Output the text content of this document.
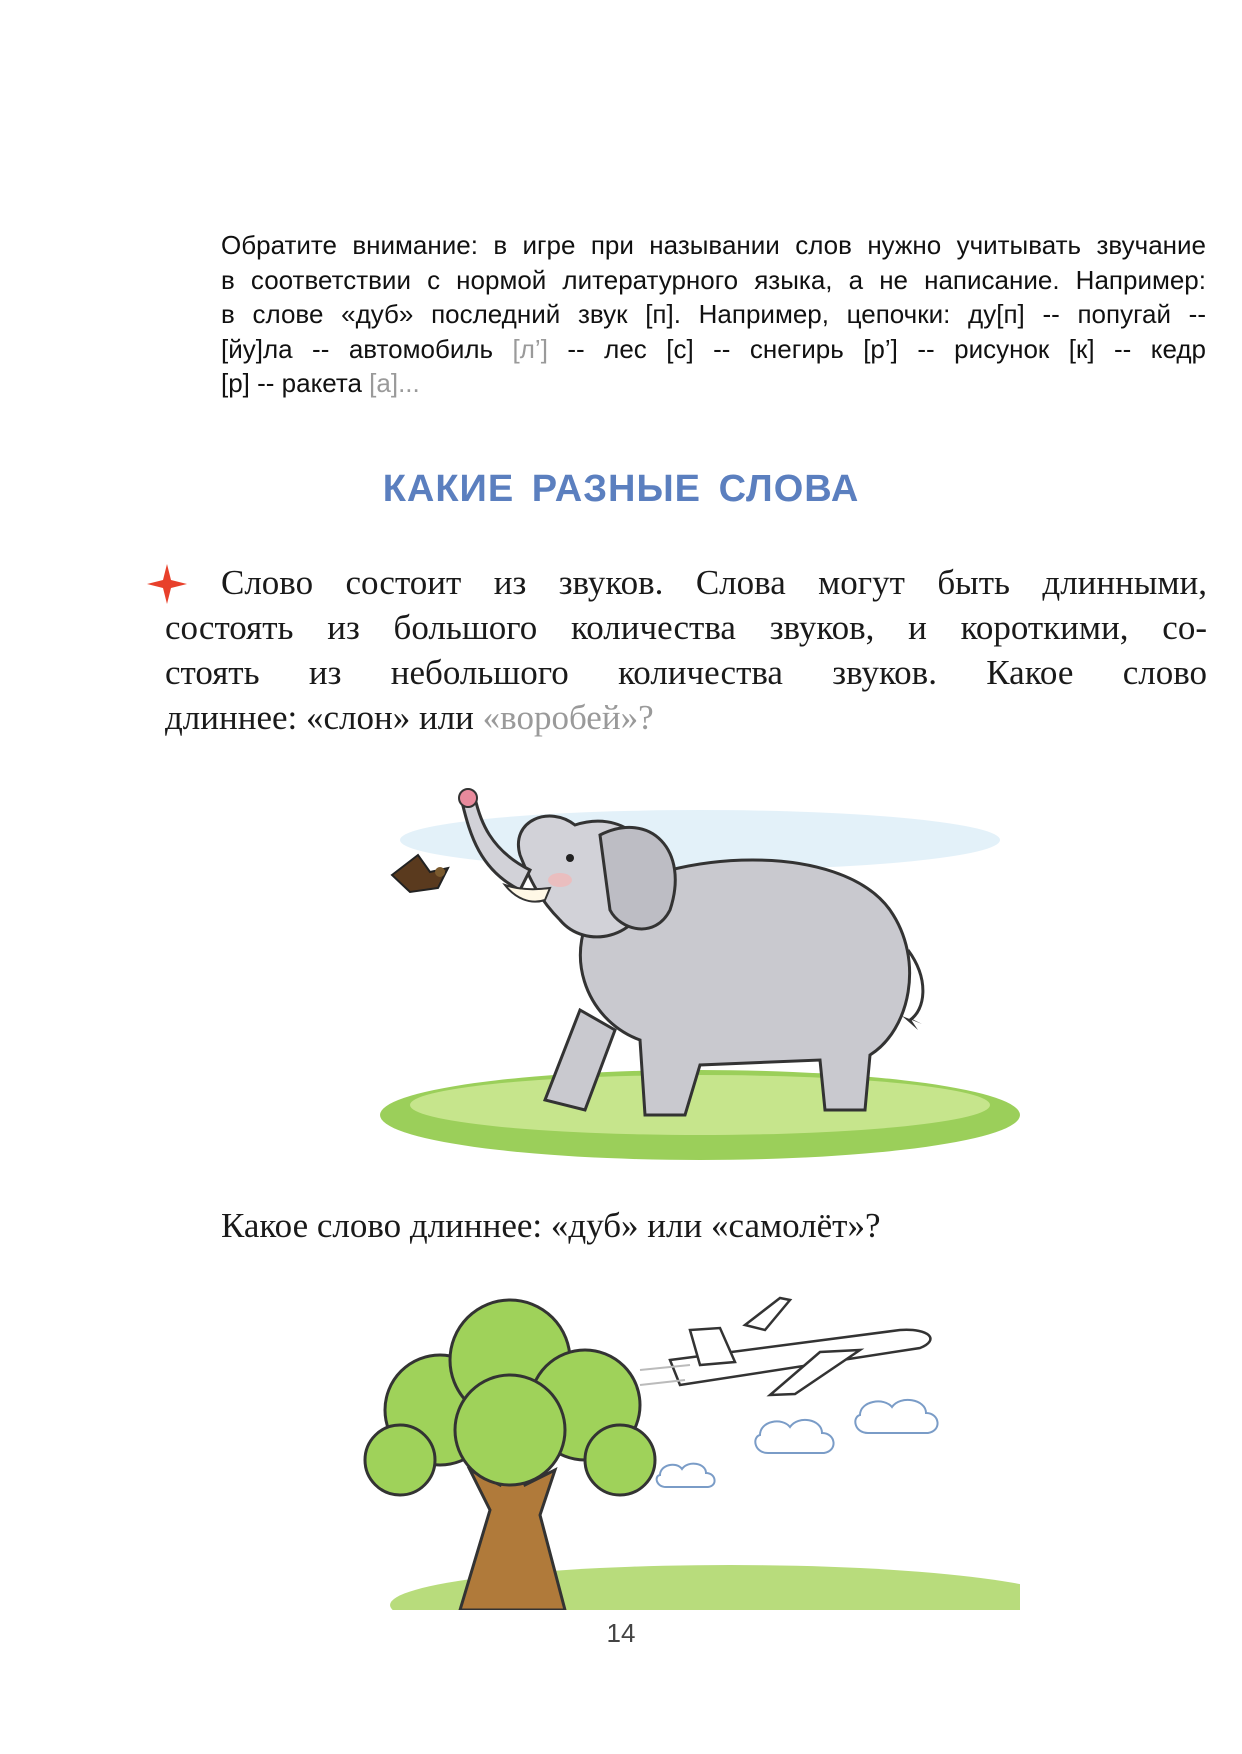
Обратите внимание: в игре при назывании слов нужно учитывать звучание
в соответствии с нормой литературного языка, а не написание. Например:
в слове «дуб» последний звук [п]. Например, цепочки: ду[п] -- попугай --
[йу]ла -- автомобиль [л’] -- лес [с] -- снегирь [р’] -- рисунок [к] -- кедр
[р] -- ракета [а]...
КАКИЕ РАЗНЫЕ СЛОВА
Слово состоит из звуков. Слова могут быть длинными,
состоять из большого количества звуков, и короткими, со-
стоять из небольшого количества звуков. Какое слово
длиннее: «слон» или «воробей»?
Какое слово длиннее: «дуб» или «самолёт»?
14
